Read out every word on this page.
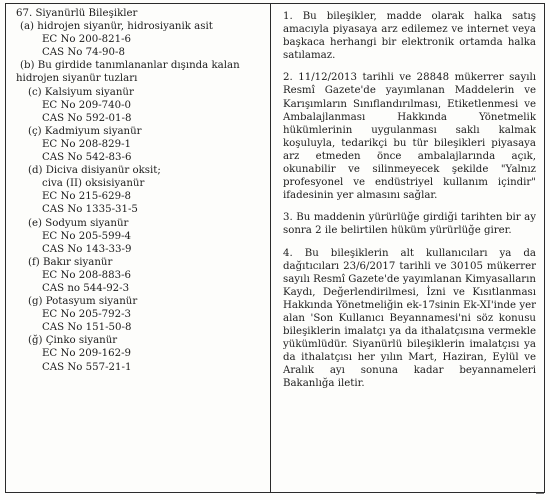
67. Siyanürlü Bileşikler
(a) hidrojen siyanür, hidrosiyanik asit
EC No 200-821-6
CAS No 74-90-8
(b) Bu girdide tanımlananlar dışında kalan
hidrojen siyanür tuzları
(c) Kalsiyum siyanür
EC No 209-740-0
CAS No 592-01-8
(ç) Kadmiyum siyanür
EC No 208-829-1
CAS No 542-83-6
(d) Diciva disiyanür oksit;
civa (II) oksisiyanür
EC No 215-629-8
CAS No 1335-31-5
(e) Sodyum siyanür
EC No 205-599-4
CAS No 143-33-9
(f) Bakır siyanür
EC No 208-883-6
CAS no 544-92-3
(g) Potasyum siyanür
EC No 205-792-3
CAS No 151-50-8
(ğ) Çinko siyanür
EC No 209-162-9
CAS No 557-21-1

1. Bu bileşikler, madde olarak halka satış amacıyla piyasaya arz edilemez ve internet veya başkaca herhangi bir elektronik ortamda halka satılamaz.

2. 11/12/2013 tarihli ve 28848 mükerrer sayılı Resmî Gazete'de yayımlanan Maddelerin ve Karışımların Sınıflandırılması, Etiketlenmesi ve Ambalajlanması Hakkında Yönetmelik hükümlerinin uygulanması saklı kalmak koşuluyla, tedarikçi bu tür bileşikleri piyasaya arz etmeden önce ambalajlarında açık, okunabilir ve silinmeyecek şekilde "Yalnız profesyonel ve endüstriyel kullanım içindir" ifadesinin yer almasını sağlar.

3. Bu maddenin yürürlüğe girdiği tarihten bir ay sonra 2 ile belirtilen hüküm yürürlüğe girer.

4. Bu bileşiklerin alt kullanıcıları ya da dağıtıcıları 23/6/2017 tarihli ve 30105 mükerrer sayılı Resmî Gazete'de yayımlanan Kimyasalların Kaydı, Değerlendirilmesi, İzni ve Kısıtlanması Hakkında Yönetmeliğin ek-17sinin Ek-XI'inde yer alan 'Son Kullanıcı Beyannamesi'ni söz konusu bileşiklerin imalatçı ya da ithalatçısına vermekle yükümlüdür. Siyanürlü bileşiklerin imalatçısı ya da ithalatçısı her yılın Mart, Haziran, Eylül ve Aralık ayı sonuna kadar beyannameleri Bakanlığa iletir.
